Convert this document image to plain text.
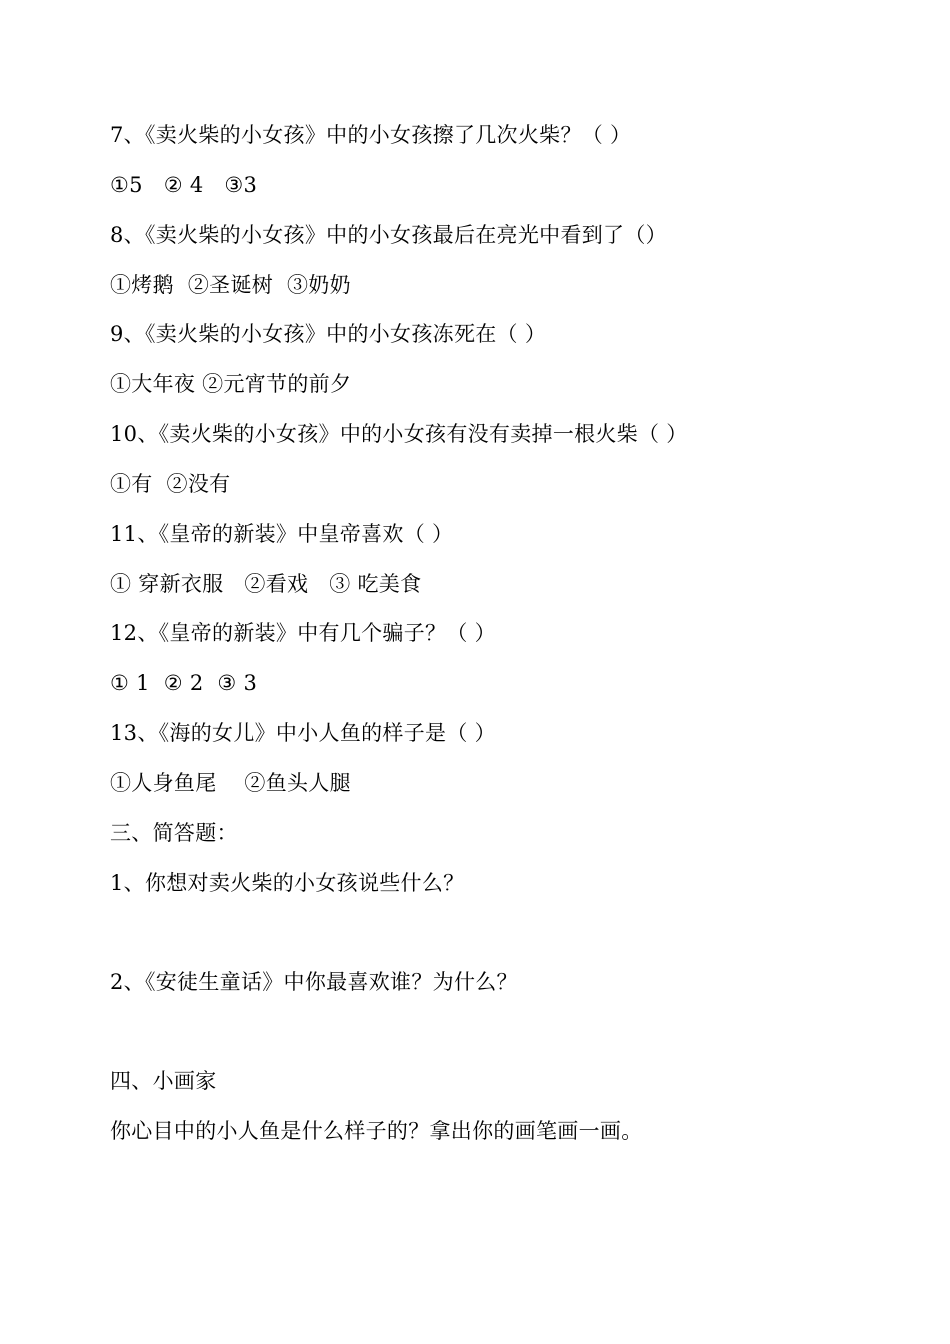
7、《卖火柴的小女孩》中的小女孩擦了几次火柴？（ ）
①5   ② 4   ③3
8、《卖火柴的小女孩》中的小女孩最后在亮光中看到了（）
①烤鹅  ②圣诞树  ③奶奶
9、《卖火柴的小女孩》中的小女孩冻死在（ ）
①大年夜 ②元宵节的前夕
10、《卖火柴的小女孩》中的小女孩有没有卖掉一根火柴（ ）
①有  ②没有
11、《皇帝的新装》中皇帝喜欢（ ）
① 穿新衣服   ②看戏   ③ 吃美食
12、《皇帝的新装》中有几个骗子？（ ）
① 1  ② 2  ③ 3
13、《海的女儿》中小人鱼的样子是（ ）
①人身鱼尾    ②鱼头人腿
三、简答题：
1、你想对卖火柴的小女孩说些什么？
2、《安徒生童话》中你最喜欢谁？为什么？
四、小画家
你心目中的小人鱼是什么样子的？拿出你的画笔画一画。
